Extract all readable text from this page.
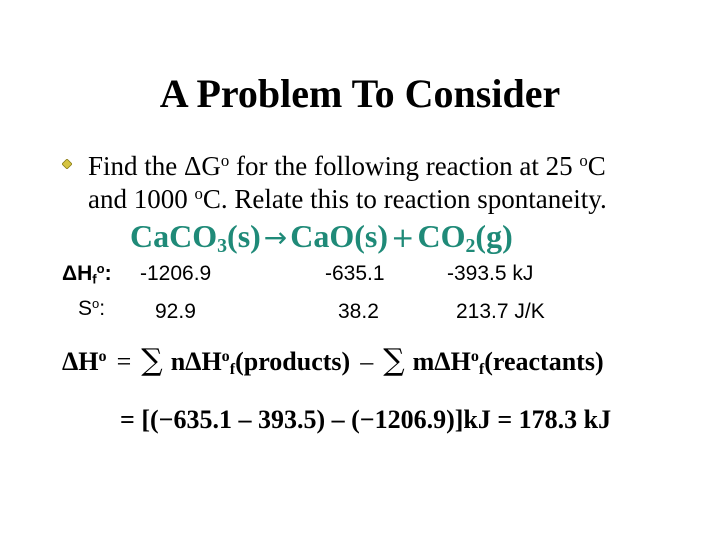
A Problem To Consider
Find the $\Delta G^o$ for the following reaction at 25 $^o$C
and 1000 $^o$C. Relate this to reaction spontaneity.
CaCO$_3$(s) $\to CaO(s) +CO_2(g)$
$\Delta H_f^o$: -1206.9	-635.1	-393.5 kJ
$S^o$: 92.9	38.2	213.7 J/K
$\Delta H^o$ = ∑ nΔH$^o_f$(products) – ∑ mΔH$^o_f$(reactants)
= [(−635.1 – 393.5) – (−1206.9)]kJ = 178.3 kJ
